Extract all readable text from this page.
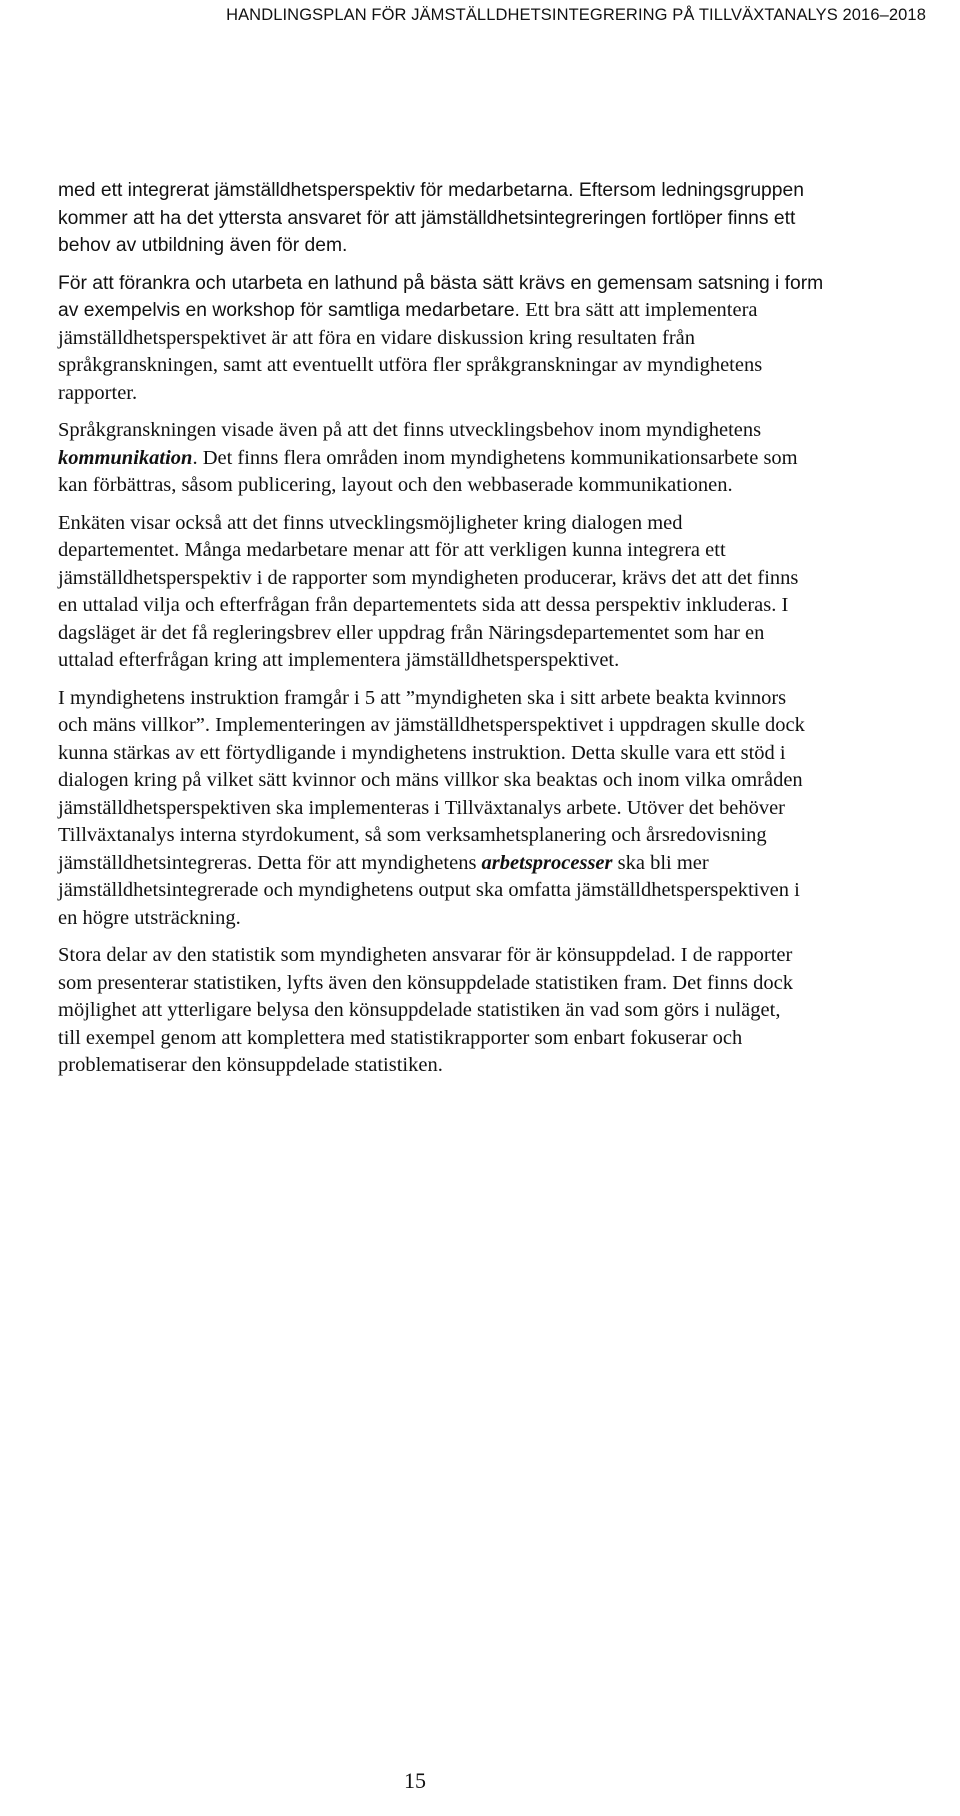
HANDLINGSPLAN FÖR JÄMSTÄLLDHETSINTEGRERING PÅ TILLVÄXTANALYS 2016–2018
med ett integrerat jämställdhetsperspektiv för medarbetarna. Eftersom ledningsgruppen
kommer att ha det yttersta ansvaret för att jämställdhetsintegreringen fortlöper finns ett
behov av utbildning även för dem.
För att förankra och utarbeta en lathund på bästa sätt krävs en gemensam satsning i form
av exempelvis en workshop för samtliga medarbetare. Ett bra sätt att implementera
jämställdhetsperspektivet är att föra en vidare diskussion kring resultaten från
språkgranskningen, samt att eventuellt utföra fler språkgranskningar av myndighetens
rapporter.
Språkgranskningen visade även på att det finns utvecklingsbehov inom myndighetens
kommunikation. Det finns flera områden inom myndighetens kommunikationsarbete som
kan förbättras, såsom publicering, layout och den webbaserade kommunikationen.
Enkäten visar också att det finns utvecklingsmöjligheter kring dialogen med
departementet. Många medarbetare menar att för att verkligen kunna integrera ett
jämställdhetsperspektiv i de rapporter som myndigheten producerar, krävs det att det finns
en uttalad vilja och efterfrågan från departementets sida att dessa perspektiv inkluderas. I
dagsläget är det få regleringsbrev eller uppdrag från Näringsdepartementet som har en
uttalad efterfrågan kring att implementera jämställdhetsperspektivet.
I myndighetens instruktion framgår i 5 att ”myndigheten ska i sitt arbete beakta kvinnors
och mäns villkor”. Implementeringen av jämställdhetsperspektivet i uppdragen skulle dock
kunna stärkas av ett förtydligande i myndighetens instruktion. Detta skulle vara ett stöd i
dialogen kring på vilket sätt kvinnor och mäns villkor ska beaktas och inom vilka områden
jämställdhetsperspektiven ska implementeras i Tillväxtanalys arbete. Utöver det behöver
Tillväxtanalys interna styrdokument, så som verksamhetsplanering och årsredovisning
jämställdhetsintegreras. Detta för att myndighetens arbetsprocesser ska bli mer
jämställdhetsintegrerade och myndighetens output ska omfatta jämställdhetsperspektiven i
en högre utsträckning.
Stora delar av den statistik som myndigheten ansvarar för är könsuppdelad. I de rapporter
som presenterar statistiken, lyfts även den könsuppdelade statistiken fram. Det finns dock
möjlighet att ytterligare belysa den könsuppdelade statistiken än vad som görs i nuläget,
till exempel genom att komplettera med statistikrapporter som enbart fokuserar och
problematiserar den könsuppdelade statistiken.
15
